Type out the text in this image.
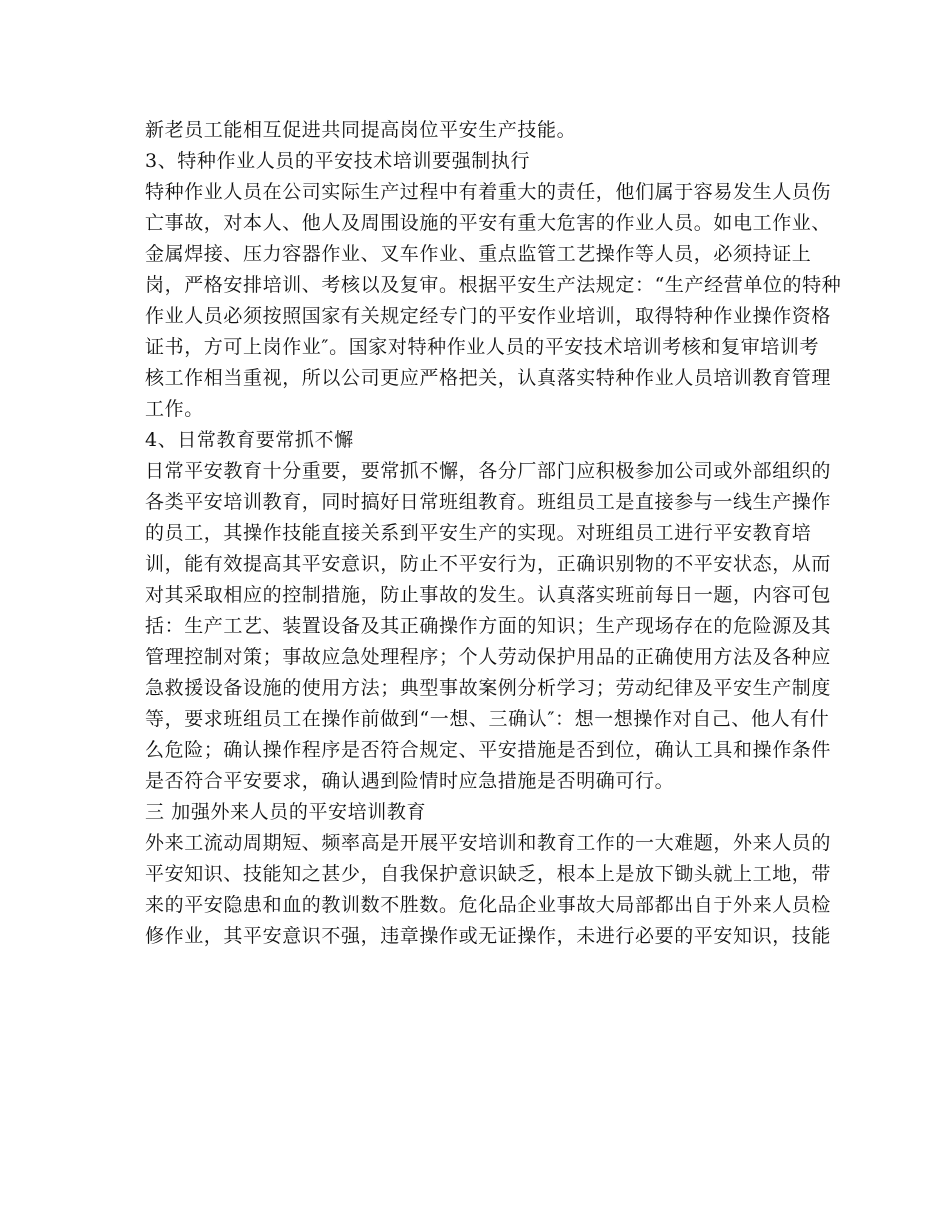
新老员工能相互促进共同提高岗位平安生产技能。
3、特种作业人员的平安技术培训要强制执行
特种作业人员在公司实际生产过程中有着重大的责任，他们属于容易发生人员伤
亡事故，对本人、他人及周围设施的平安有重大危害的作业人员。如电工作业、
金属焊接、压力容器作业、叉车作业、重点监管工艺操作等人员，必须持证上
岗，严格安排培训、考核以及复审。根据平安生产法规定：“生产经营单位的特种
作业人员必须按照国家有关规定经专门的平安作业培训，取得特种作业操作资格
证书，方可上岗作业″。国家对特种作业人员的平安技术培训考核和复审培训考
核工作相当重视，所以公司更应严格把关，认真落实特种作业人员培训教育管理
工作。
4、日常教育要常抓不懈
日常平安教育十分重要，要常抓不懈，各分厂部门应积极参加公司或外部组织的
各类平安培训教育，同时搞好日常班组教育。班组员工是直接参与一线生产操作
的员工，其操作技能直接关系到平安生产的实现。对班组员工进行平安教育培
训，能有效提高其平安意识，防止不平安行为，正确识别物的不平安状态，从而
对其采取相应的控制措施，防止事故的发生。认真落实班前每日一题，内容可包
括：生产工艺、装置设备及其正确操作方面的知识；生产现场存在的危险源及其
管理控制对策；事故应急处理程序；个人劳动保护用品的正确使用方法及各种应
急救援设备设施的使用方法；典型事故案例分析学习；劳动纪律及平安生产制度
等，要求班组员工在操作前做到“一想、三确认″：想一想操作对自己、他人有什
么危险；确认操作程序是否符合规定、平安措施是否到位，确认工具和操作条件
是否符合平安要求，确认遇到险情时应急措施是否明确可行。
三 加强外来人员的平安培训教育
外来工流动周期短、频率高是开展平安培训和教育工作的一大难题，外来人员的
平安知识、技能知之甚少，自我保护意识缺乏，根本上是放下锄头就上工地，带
来的平安隐患和血的教训数不胜数。危化品企业事故大局部都出自于外来人员检
修作业，其平安意识不强，违章操作或无证操作，未进行必要的平安知识，技能
